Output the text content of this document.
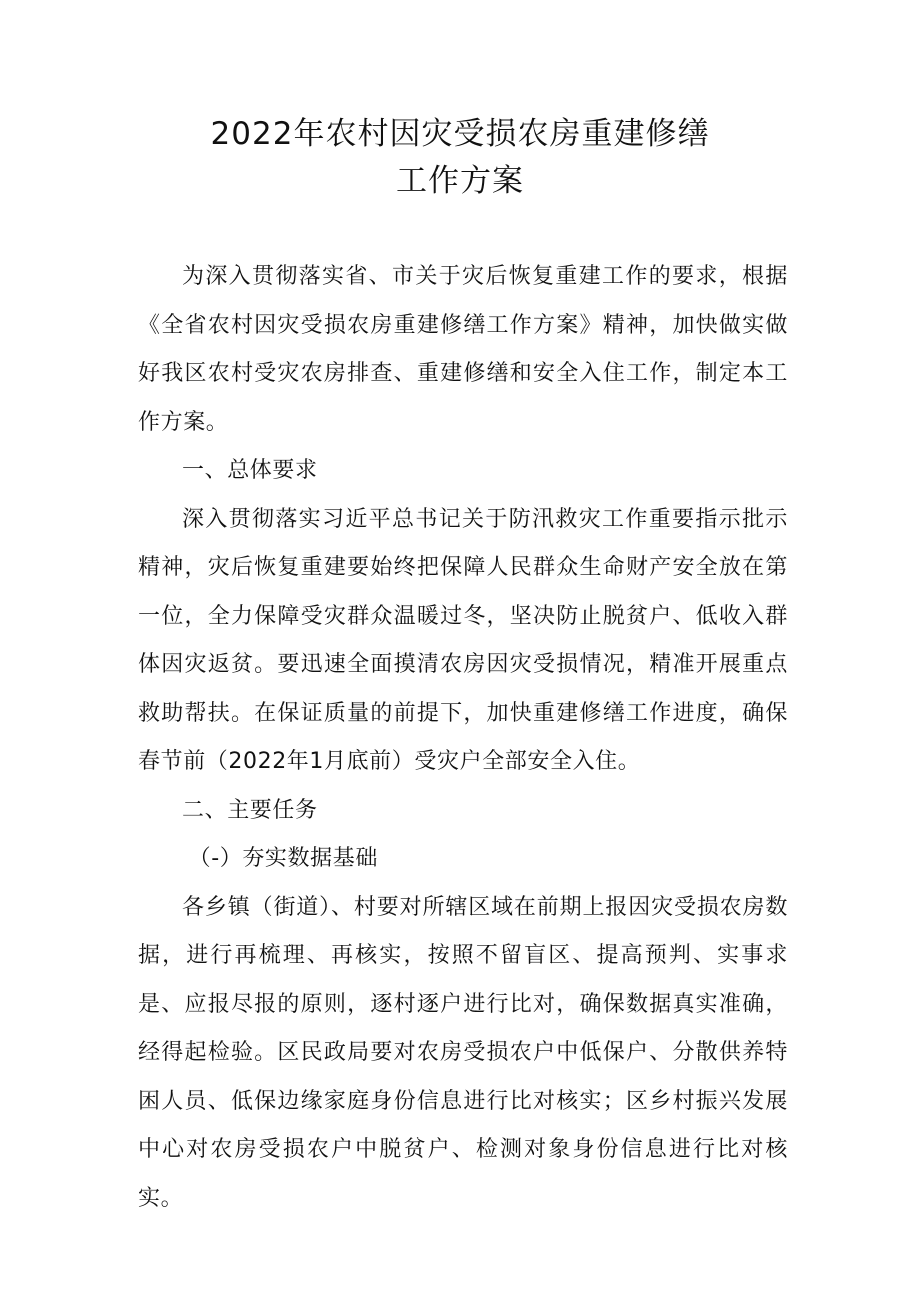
2022年农村因灾受损农房重建修缮
工作方案

为深入贯彻落实省、市关于灾后恢复重建工作的要求，根据《全省农村因灾受损农房重建修缮工作方案》精神，加快做实做好我区农村受灾农房排查、重建修缮和安全入住工作，制定本工作方案。

一、总体要求

深入贯彻落实习近平总书记关于防汛救灾工作重要指示批示精神，灾后恢复重建要始终把保障人民群众生命财产安全放在第一位，全力保障受灾群众温暖过冬，坚决防止脱贫户、低收入群体因灾返贫。要迅速全面摸清农房因灾受损情况，精准开展重点救助帮扶。在保证质量的前提下，加快重建修缮工作进度，确保春节前（2022年1月底前）受灾户全部安全入住。

二、主要任务

（-）夯实数据基础

各乡镇（街道）、村要对所辖区域在前期上报因灾受损农房数据，进行再梳理、再核实，按照不留盲区、提高预判、实事求是、应报尽报的原则，逐村逐户进行比对，确保数据真实准确，经得起检验。区民政局要对农房受损农户中低保户、分散供养特困人员、低保边缘家庭身份信息进行比对核实；区乡村振兴发展中心对农房受损农户中脱贫户、检测对象身份信息进行比对核实。
